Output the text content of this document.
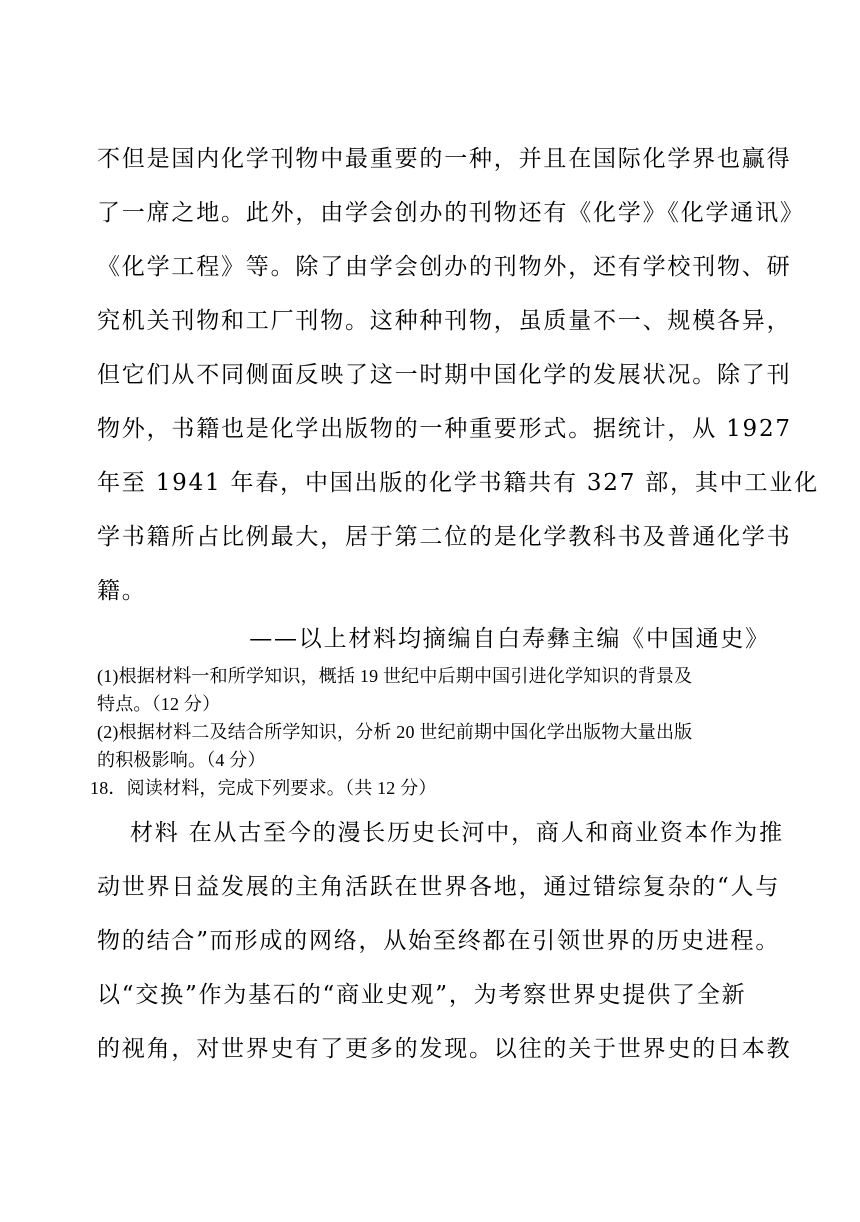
不但是国内化学刊物中最重要的一种，并且在国际化学界也赢得
了一席之地。此外，由学会创办的刊物还有《化学》《化学通讯》
《化学工程》等。除了由学会创办的刊物外，还有学校刊物、研
究机关刊物和工厂刊物。这种种刊物，虽质量不一、规模各异，
但它们从不同侧面反映了这一时期中国化学的发展状况。除了刊
物外，书籍也是化学出版物的一种重要形式。据统计，从 1927
年至 1941 年春，中国出版的化学书籍共有 327 部，其中工业化
学书籍所占比例最大，居于第二位的是化学教科书及普通化学书
籍。
——以上材料均摘编自白寿彝主编《中国通史》
(1)根据材料一和所学知识，概括 19 世纪中后期中国引进化学知识的背景及
特点。（12 分）
(2)根据材料二及结合所学知识，分析 20 世纪前期中国化学出版物大量出版
的积极影响。（4 分）
18．阅读材料，完成下列要求。（共 12 分）
材料 在从古至今的漫长历史长河中，商人和商业资本作为推
动世界日益发展的主角活跃在世界各地，通过错综复杂的“人与
物的结合”而形成的网络，从始至终都在引领世界的历史进程。
以“交换”作为基石的“商业史观”，为考察世界史提供了全新
的视角，对世界史有了更多的发现。以往的关于世界史的日本教
